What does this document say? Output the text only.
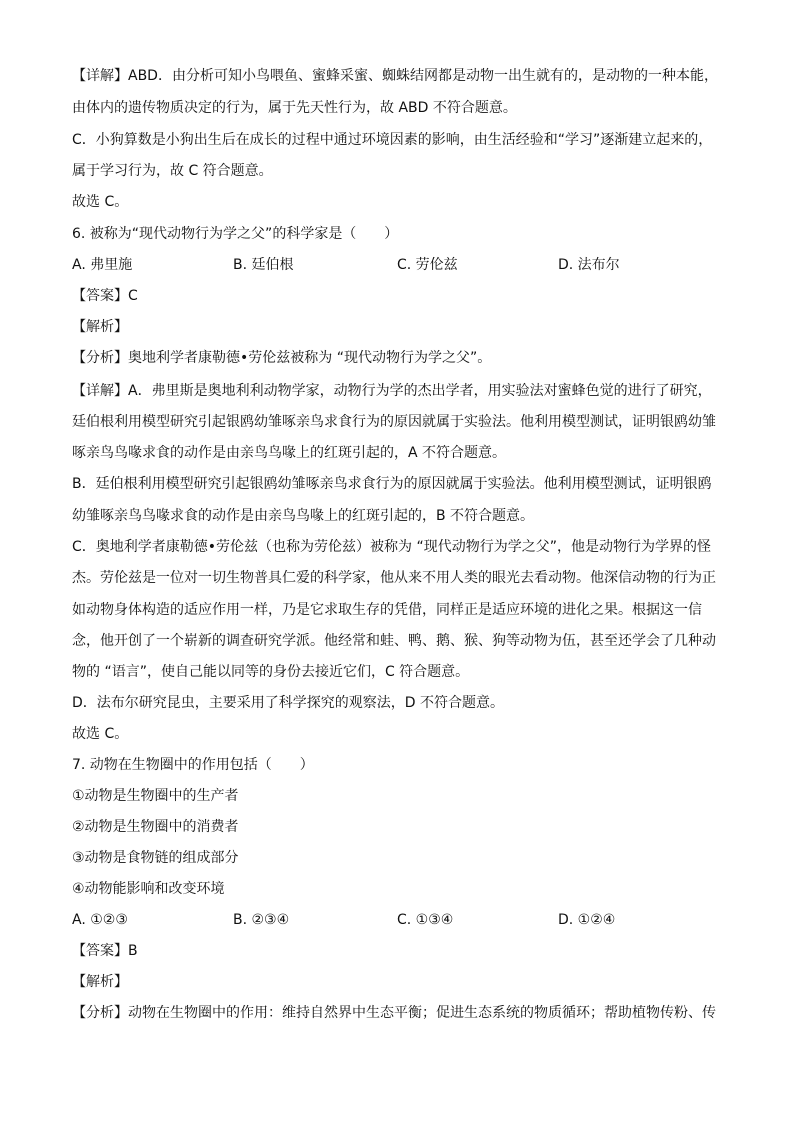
【详解】ABD．由分析可知小鸟喂鱼、蜜蜂采蜜、蜘蛛结网都是动物一出生就有的，是动物的一种本能，
由体内的遗传物质决定的行为，属于先天性行为，故 ABD 不符合题意。
C．小狗算数是小狗出生后在成长的过程中通过环境因素的影响，由生活经验和“学习”逐渐建立起来的，
属于学习行为，故 C 符合题意。
故选 C。
6. 被称为“现代动物行为学之父”的科学家是（　　）
A. 弗里施	B. 廷伯根	C. 劳伦兹	D. 法布尔
【答案】C
【解析】
【分析】奥地利学者康勒德•劳伦兹被称为 “现代动物行为学之父”。
【详解】A．弗里斯是奥地利利动物学家，动物行为学的杰出学者，用实验法对蜜蜂色觉的进行了研究，
廷伯根利用模型研究引起银鸥幼雏啄亲鸟求食行为的原因就属于实验法。他利用模型测试，证明银鸥幼雏
啄亲鸟鸟喙求食的动作是由亲鸟鸟喙上的红斑引起的，A 不符合题意。
B．廷伯根利用模型研究引起银鸥幼雏啄亲鸟求食行为的原因就属于实验法。他利用模型测试，证明银鸥
幼雏啄亲鸟鸟喙求食的动作是由亲鸟鸟喙上的红斑引起的，B 不符合题意。
C．奥地利学者康勒德•劳伦兹（也称为劳伦兹）被称为 “现代动物行为学之父”，他是动物行为学界的怪
杰。劳伦兹是一位对一切生物普具仁爱的科学家，他从来不用人类的眼光去看动物。他深信动物的行为正
如动物身体构造的适应作用一样，乃是它求取生存的凭借，同样正是适应环境的进化之果。根据这一信
念，他开创了一个崭新的调查研究学派。他经常和蛙、鸭、鹅、猴、狗等动物为伍，甚至还学会了几种动
物的 “语言”，使自己能以同等的身份去接近它们，C 符合题意。
D．法布尔研究昆虫，主要采用了科学探究的观察法，D 不符合题意。
故选 C。
7. 动物在生物圈中的作用包括（　　）
①动物是生物圈中的生产者
②动物是生物圈中的消费者
③动物是食物链的组成部分
④动物能影响和改变环境
A. ①②③	B. ②③④	C. ①③④	D. ①②④
【答案】B
【解析】
【分析】动物在生物圈中的作用：维持自然界中生态平衡；促进生态系统的物质循环；帮助植物传粉、传
